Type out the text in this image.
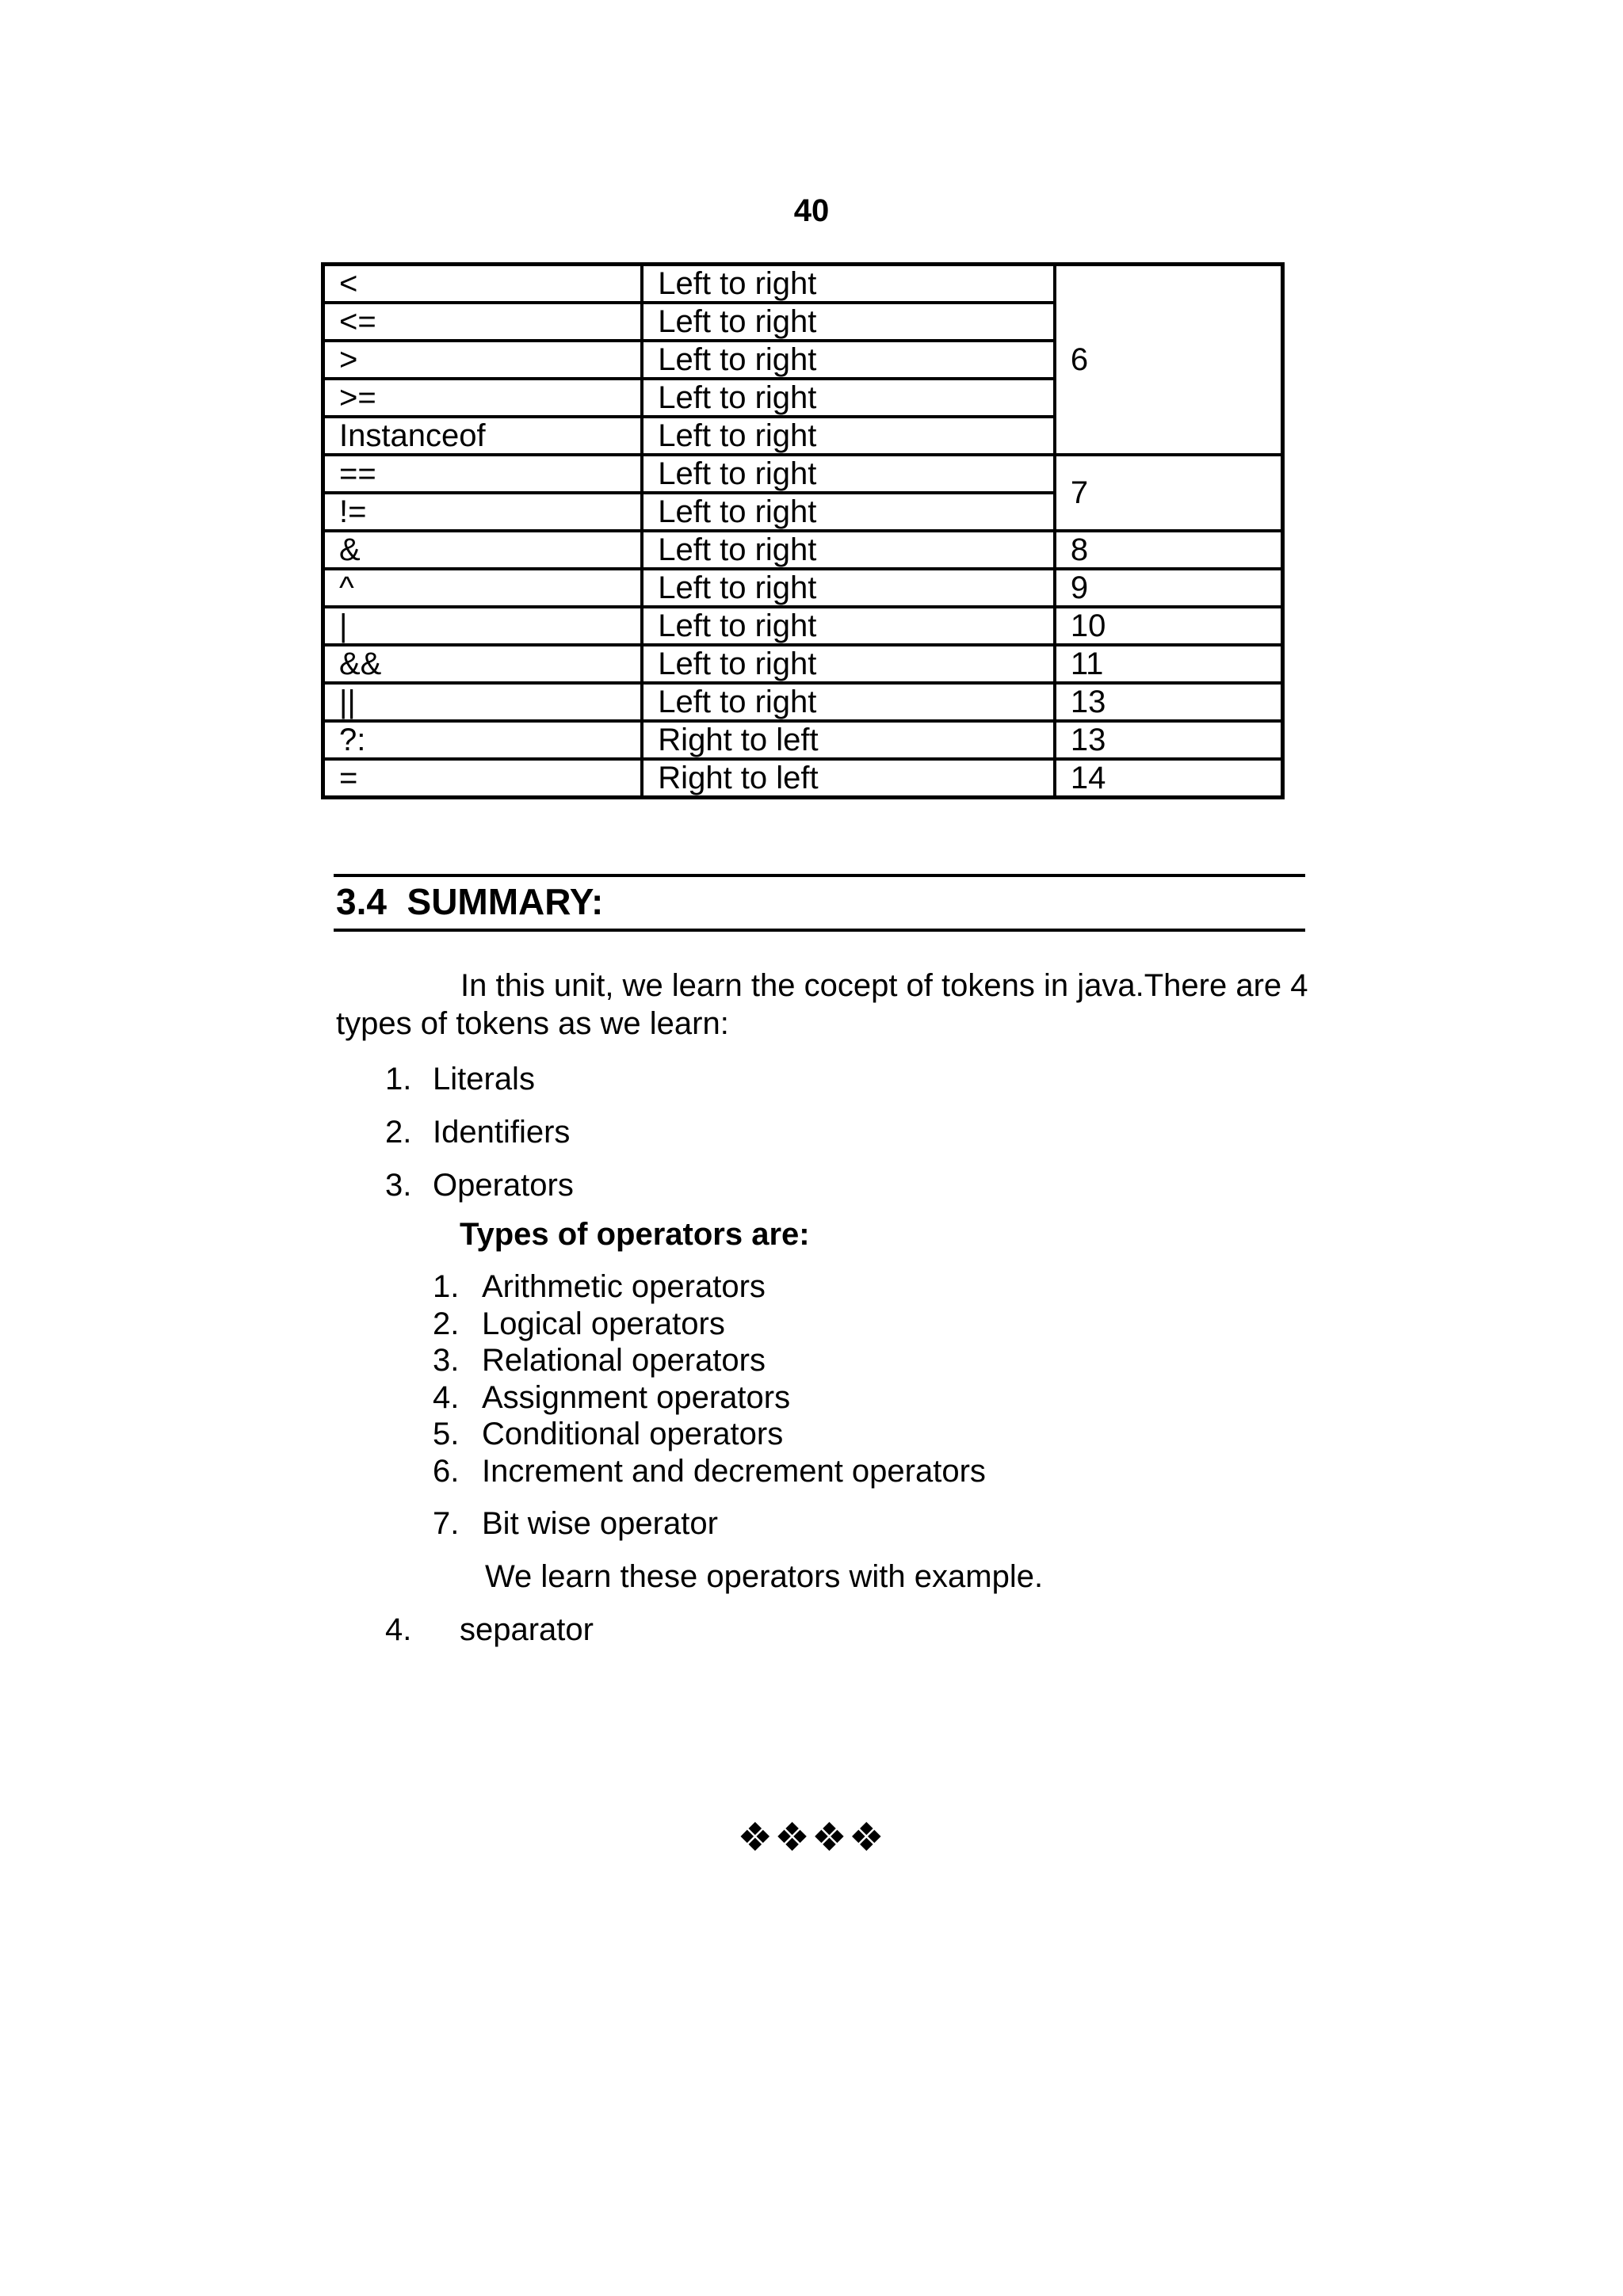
40
<	Left to right	6
<=	Left to right	
>	Left to right	
>=	Left to right	
Instanceof	Left to right	
==	Left to right	7
!=	Left to right	
&	Left to right	8
^	Left to right	9
|	Left to right	10
&&	Left to right	11
||	Left to right	13
?:	Right to left	13
=	Right to left	14
3.4 SUMMARY:
In this unit, we learn the cocept of tokens in java.There are 4 types of tokens as we learn:
1. Literals
2. Identifiers
3. Operators
Types of operators are:
1. Arithmetic operators
2. Logical operators
3. Relational operators
4. Assignment operators
5. Conditional operators
6. Increment and decrement operators
7. Bit wise operator
We learn these operators with example.
4. separator
❖❖❖❖
